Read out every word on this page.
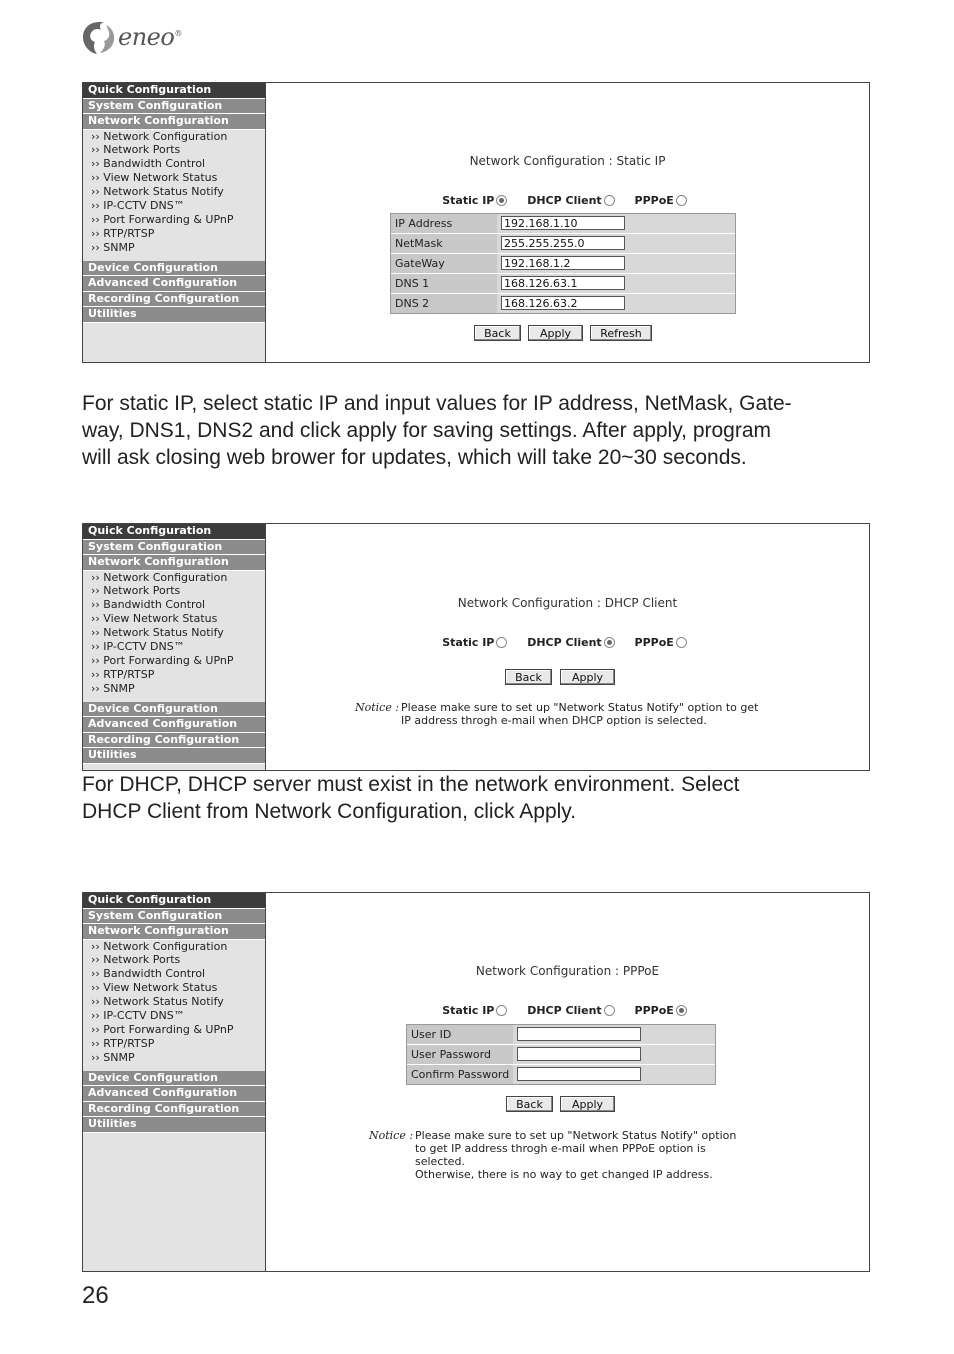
eneo®
Quick Configuration
System Configuration
Network Configuration
›› Network Configuration
›› Network Ports
›› Bandwidth Control
›› View Network Status
›› Network Status Notify
›› IP-CCTV DNS™
›› Port Forwarding & UPnP
›› RTP/RTSP
›› SNMP
Device Configuration
Advanced Configuration
Recording Configuration
Utilities
Network Configuration : Static IP
Static IP	DHCP Client	PPPoE
IP Address
192.168.1.10
NetMask
255.255.255.0
GateWay
192.168.1.2
DNS 1
168.126.63.1
DNS 2
168.126.63.2
Back	Apply	Refresh
For static IP, select static IP and input values for IP address, NetMask, Gate-
way, DNS1, DNS2 and click apply for saving settings. After apply, program
will ask closing web brower for updates, which will take 20~30 seconds.
Quick Configuration
System Configuration
Network Configuration
›› Network Configuration
›› Network Ports
›› Bandwidth Control
›› View Network Status
›› Network Status Notify
›› IP-CCTV DNS™
›› Port Forwarding & UPnP
›› RTP/RTSP
›› SNMP
Device Configuration
Advanced Configuration
Recording Configuration
Utilities
Network Configuration : DHCP Client
Static IP	DHCP Client	PPPoE
Back	Apply
Notice : Please make sure to set up "Network Status Notify" option to get
IP address throgh e-mail when DHCP option is selected.
For DHCP, DHCP server must exist in the network environment. Select
DHCP Client from Network Configuration, click Apply.
Quick Configuration
System Configuration
Network Configuration
›› Network Configuration
›› Network Ports
›› Bandwidth Control
›› View Network Status
›› Network Status Notify
›› IP-CCTV DNS™
›› Port Forwarding & UPnP
›› RTP/RTSP
›› SNMP
Device Configuration
Advanced Configuration
Recording Configuration
Utilities
Network Configuration : PPPoE
Static IP	DHCP Client	PPPoE
User ID
User Password
Confirm Password
Back	Apply
Notice : Please make sure to set up "Network Status Notify" option
to get IP address throgh e-mail when PPPoE option is
selected.
Otherwise, there is no way to get changed IP address.
26
